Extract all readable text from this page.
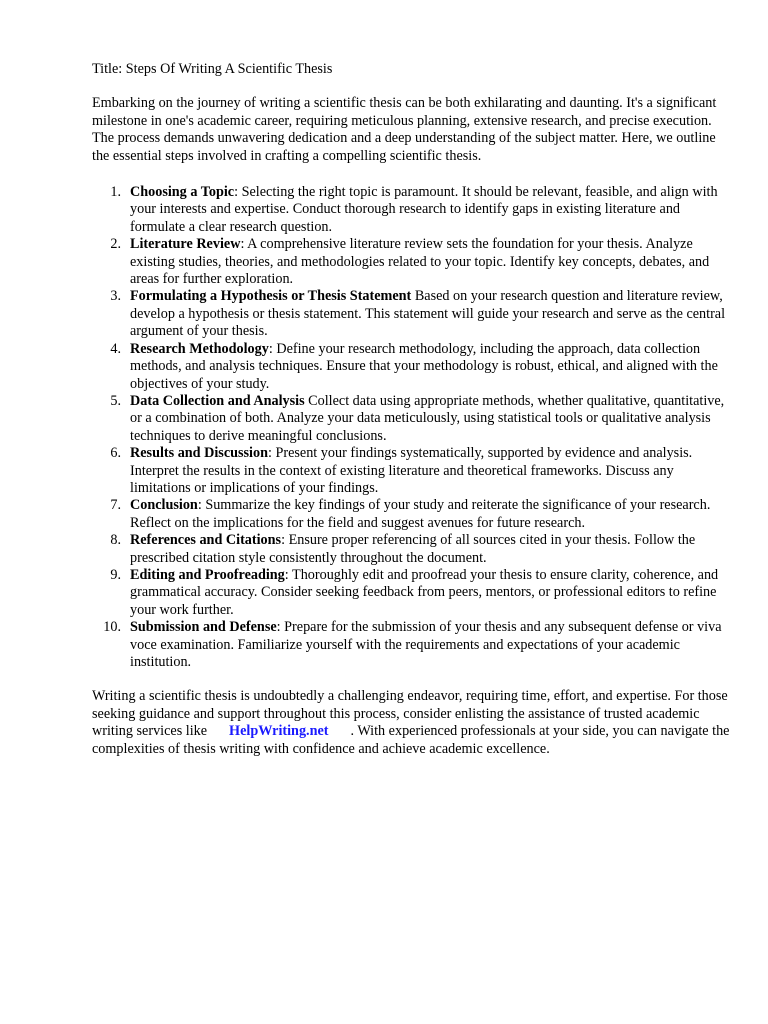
Title: Steps Of Writing A Scientific Thesis

Embarking on the journey of writing a scientific thesis can be both exhilarating and daunting. It's a significant milestone in one's academic career, requiring meticulous planning, extensive research, and precise execution. The process demands unwavering dedication and a deep understanding of the subject matter. Here, we outline the essential steps involved in crafting a compelling scientific thesis.

1. Choosing a Topic: Selecting the right topic is paramount. It should be relevant, feasible, and align with your interests and expertise. Conduct thorough research to identify gaps in existing literature and formulate a clear research question.
2. Literature Review: A comprehensive literature review sets the foundation for your thesis. Analyze existing studies, theories, and methodologies related to your topic. Identify key concepts, debates, and areas for further exploration.
3. Formulating a Hypothesis or Thesis Statement Based on your research question and literature review, develop a hypothesis or thesis statement. This statement will guide your research and serve as the central argument of your thesis.
4. Research Methodology: Define your research methodology, including the approach, data collection methods, and analysis techniques. Ensure that your methodology is robust, ethical, and aligned with the objectives of your study.
5. Data Collection and Analysis Collect data using appropriate methods, whether qualitative, quantitative, or a combination of both. Analyze your data meticulously, using statistical tools or qualitative analysis techniques to derive meaningful conclusions.
6. Results and Discussion: Present your findings systematically, supported by evidence and analysis. Interpret the results in the context of existing literature and theoretical frameworks. Discuss any limitations or implications of your findings.
7. Conclusion: Summarize the key findings of your study and reiterate the significance of your research. Reflect on the implications for the field and suggest avenues for future research.
8. References and Citations: Ensure proper referencing of all sources cited in your thesis. Follow the prescribed citation style consistently throughout the document.
9. Editing and Proofreading: Thoroughly edit and proofread your thesis to ensure clarity, coherence, and grammatical accuracy. Consider seeking feedback from peers, mentors, or professional editors to refine your work further.
10. Submission and Defense: Prepare for the submission of your thesis and any subsequent defense or viva voce examination. Familiarize yourself with the requirements and expectations of your academic institution.

Writing a scientific thesis is undoubtedly a challenging endeavor, requiring time, effort, and expertise. For those seeking guidance and support throughout this process, consider enlisting the assistance of trusted academic writing services like HelpWriting.net . With experienced professionals at your side, you can navigate the complexities of thesis writing with confidence and achieve academic excellence.
